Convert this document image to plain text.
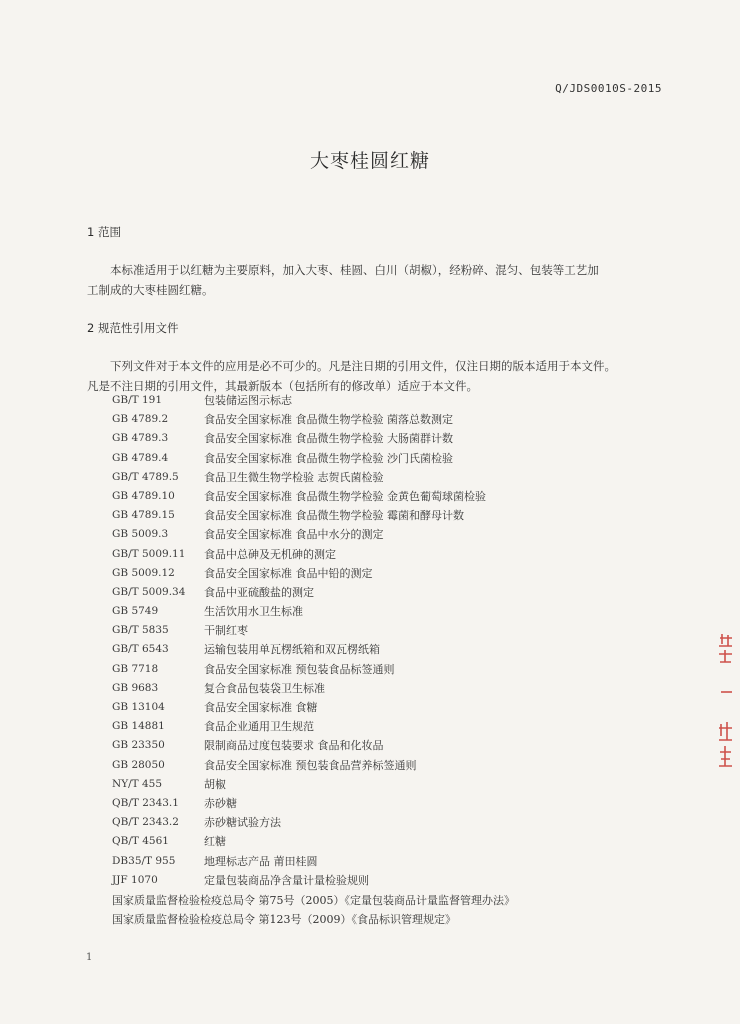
Q/JDS0010S-2015
大枣桂圆红糖
1 范围
本标准适用于以红糖为主要原料，加入大枣、桂圆、白川（胡椒），经粉碎、混匀、包装等工艺加
工制成的大枣桂圆红糖。
2 规范性引用文件
下列文件对于本文件的应用是必不可少的。凡是注日期的引用文件，仅注日期的版本适用于本文件。
凡是不注日期的引用文件，其最新版本（包括所有的修改单）适应于本文件。
GB/T 191	包装储运图示标志
GB 4789.2	食品安全国家标准 食品微生物学检验 菌落总数测定
GB 4789.3	食品安全国家标准 食品微生物学检验 大肠菌群计数
GB 4789.4	食品安全国家标准 食品微生物学检验 沙门氏菌检验
GB/T 4789.5	食品卫生微生物学检验 志贺氏菌检验
GB 4789.10	食品安全国家标准 食品微生物学检验 金黄色葡萄球菌检验
GB 4789.15	食品安全国家标准 食品微生物学检验 霉菌和酵母计数
GB 5009.3	食品安全国家标准 食品中水分的测定
GB/T 5009.11	食品中总砷及无机砷的测定
GB 5009.12	食品安全国家标准 食品中铅的测定
GB/T 5009.34	食品中亚硫酸盐的测定
GB 5749	生活饮用水卫生标准
GB/T 5835	干制红枣
GB/T 6543	运输包装用单瓦楞纸箱和双瓦楞纸箱
GB 7718	食品安全国家标准 预包装食品标签通则
GB 9683	复合食品包装袋卫生标准
GB 13104	食品安全国家标准 食糖
GB 14881	食品企业通用卫生规范
GB 23350	限制商品过度包装要求 食品和化妆品
GB 28050	食品安全国家标准 预包装食品营养标签通则
NY/T 455	胡椒
QB/T 2343.1	赤砂糖
QB/T 2343.2	赤砂糖试验方法
QB/T 4561	红糖
DB35/T 955	地理标志产品 莆田桂圆
JJF 1070	定量包装商品净含量计量检验规则
国家质量监督检验检疫总局令 第75号（2005）《定量包装商品计量监督管理办法》
国家质量监督检验检疫总局令 第123号（2009）《食品标识管理规定》
1
